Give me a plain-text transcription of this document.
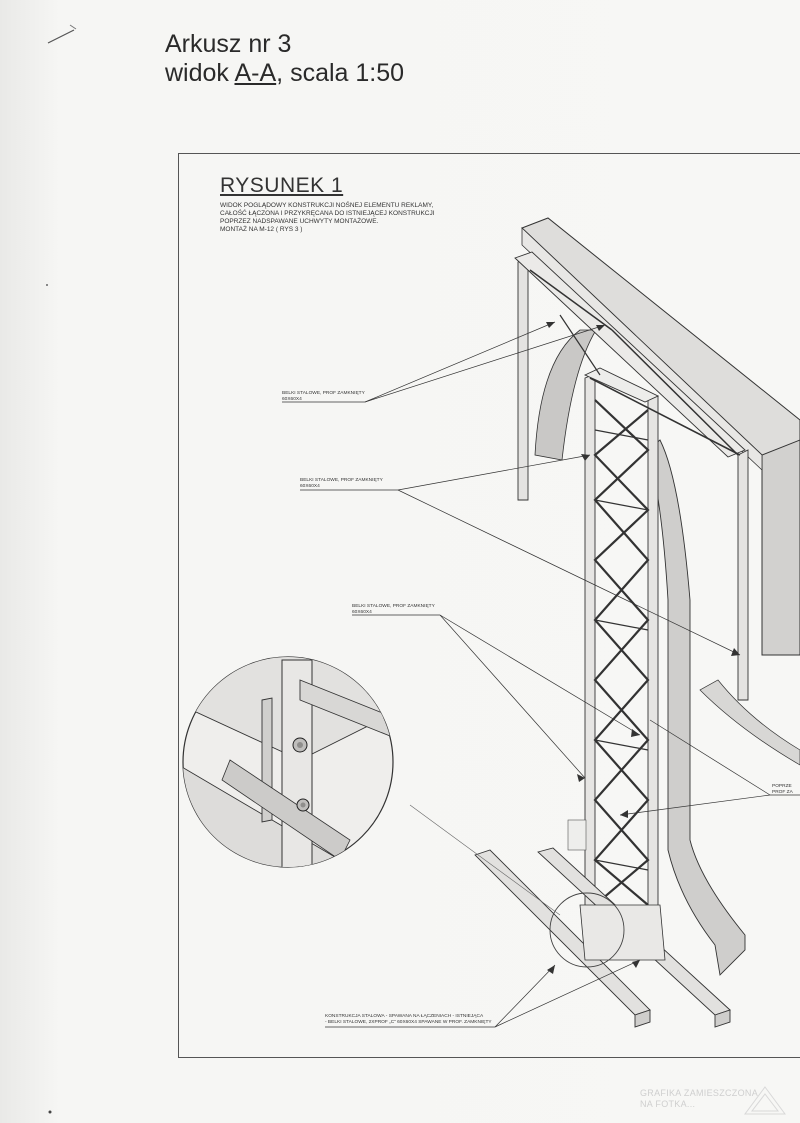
Arkusz nr 3
widok A-A, scala 1:50
RYSUNEK 1
WIDOK POGLĄDOWY KONSTRUKCJI NOŚNEJ ELEMENTU REKLAMY,
CAŁOŚĆ ŁĄCZONA I PRZYKRĘCANA DO ISTNIEJĄCEJ KONSTRUKCJI
POPRZEZ NADSPAWANE UCHWYTY MONTAŻOWE.
MONTAŻ NA M-12 ( RYS 3 )
BELKI STALOWE, PROF ZAMKNIĘTY
60X60X4
BELKI STALOWE, PROF ZAMKNIĘTY
60X60X4
BELKI STALOWE, PROF ZAMKNIĘTY
60X60X4
POPRZE
PROF ZA
KONSTRUKCJA STALOWA - SPAWANA NA ŁĄCZENIACH - ISTNIEJĄCA
- BELKI STALOWE, 2XPROF „C” 60X60X4 SPAWANE W PROF. ZAMKNIĘTY
GRAFIKA ZAMIESZCZONA
NA FOTKA...
